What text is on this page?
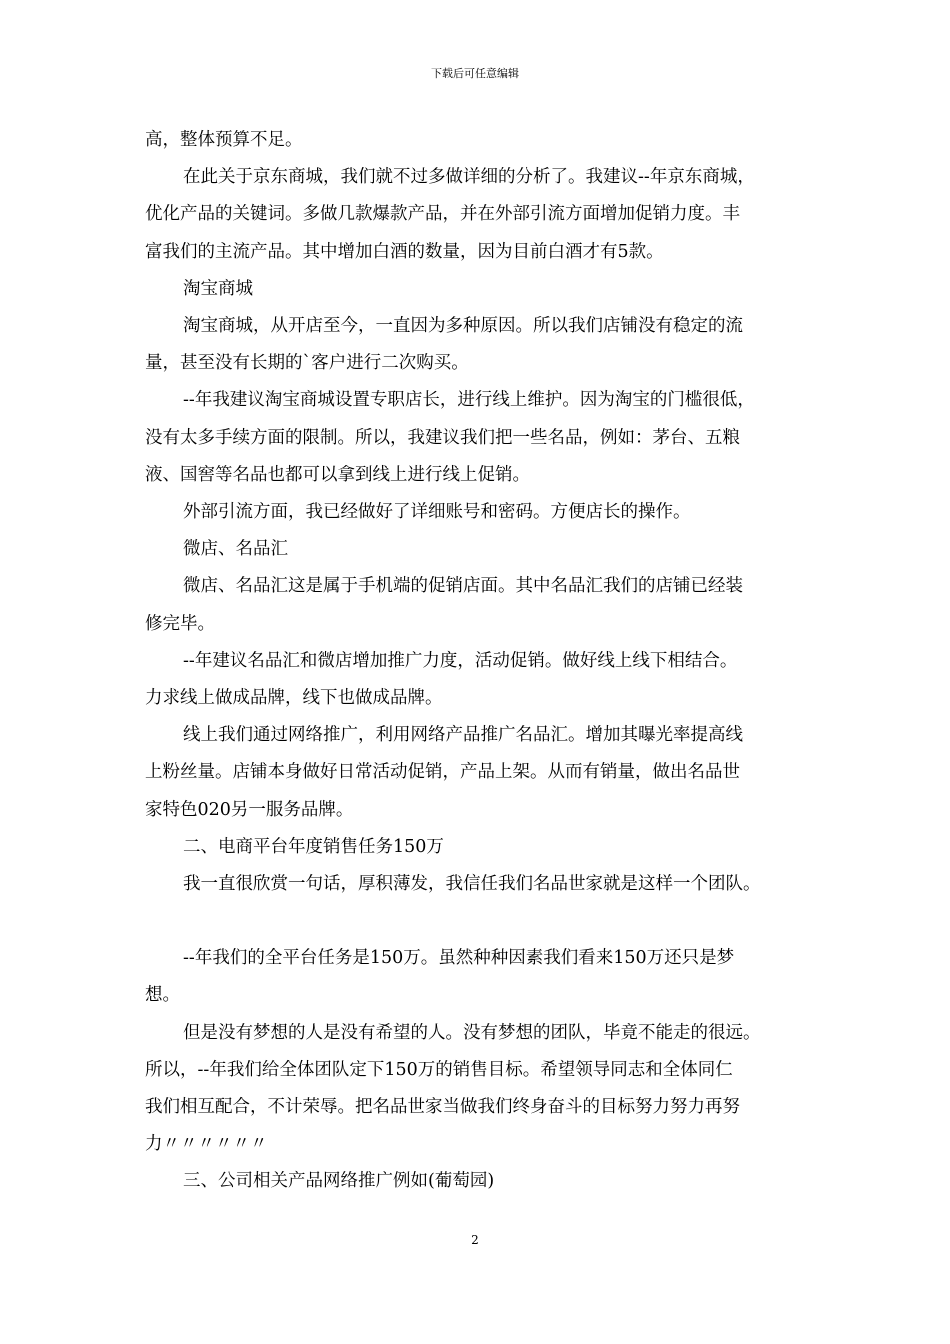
下载后可任意编辑

高，整体预算不足。

在此关于京东商城，我们就不过多做详细的分析了。我建议--年京东商城，

优化产品的关键词。多做几款爆款产品，并在外部引流方面增加促销力度。丰

富我们的主流产品。其中增加白酒的数量，因为目前白酒才有5款。

淘宝商城

淘宝商城，从开店至今，一直因为多种原因。所以我们店铺没有稳定的流

量，甚至没有长期的`客户进行二次购买。

--年我建议淘宝商城设置专职店长，进行线上维护。因为淘宝的门槛很低，

没有太多手续方面的限制。所以，我建议我们把一些名品，例如：茅台、五粮

液、国窖等名品也都可以拿到线上进行线上促销。

外部引流方面，我已经做好了详细账号和密码。方便店长的操作。

微店、名品汇

微店、名品汇这是属于手机端的促销店面。其中名品汇我们的店铺已经装

修完毕。

--年建议名品汇和微店增加推广力度，活动促销。做好线上线下相结合。

力求线上做成品牌，线下也做成品牌。

线上我们通过网络推广，利用网络产品推广名品汇。增加其曝光率提高线

上粉丝量。店铺本身做好日常活动促销，产品上架。从而有销量，做出名品世

家特色020另一服务品牌。

二、电商平台年度销售任务150万

我一直很欣赏一句话，厚积薄发，我信任我们名品世家就是这样一个团队。

--年我们的全平台任务是150万。虽然种种因素我们看来150万还只是梦

想。

但是没有梦想的人是没有希望的人。没有梦想的团队，毕竟不能走的很远。

所以，--年我们给全体团队定下150万的销售目标。希望领导同志和全体同仁

我们相互配合，不计荣辱。把名品世家当做我们终身奋斗的目标努力努力再努

力〃〃〃〃〃〃

三、公司相关产品网络推广例如(葡萄园)

2
